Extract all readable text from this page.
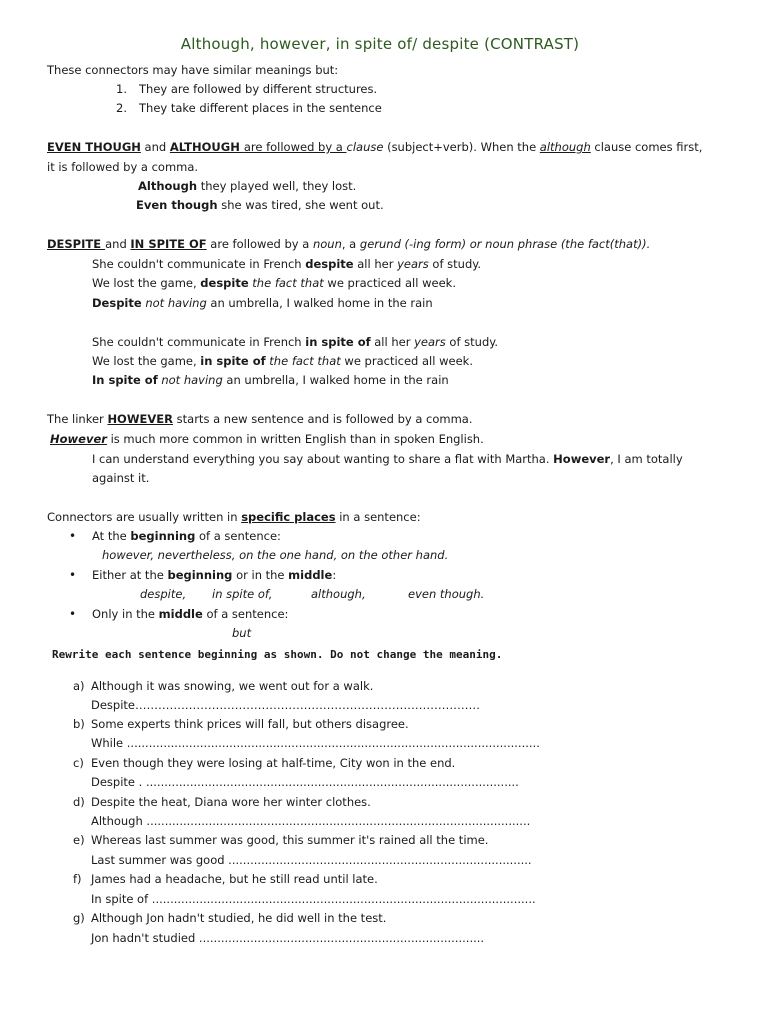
Although, however, in spite of/ despite (CONTRAST)
These connectors may have similar meanings but:
1. They are followed by different structures.
2. They take different places in the sentence
EVEN THOUGH and ALTHOUGH are followed by a clause (subject+verb). When the although clause comes first,
it is followed by a comma.
Although they played well, they lost.
Even though she was tired, she went out.
DESPITE and IN SPITE OF are followed by a noun, a gerund (-ing form) or noun phrase (the fact(that)).
She couldn't communicate in French despite all her years of study.
We lost the game, despite the fact that we practiced all week.
Despite not having an umbrella, I walked home in the rain
She couldn't communicate in French in spite of all her years of study.
We lost the game, in spite of the fact that we practiced all week.
In spite of not having an umbrella, I walked home in the rain
The linker HOWEVER starts a new sentence and is followed by a comma.
However is much more common in written English than in spoken English.
I can understand everything you say about wanting to share a flat with Martha. However, I am totally
against it.
Connectors are usually written in specific places in a sentence:
• At the beginning of a sentence:
however, nevertheless, on the one hand, on the other hand.
• Either at the beginning or in the middle:
despite, in spite of,	although,	even though.
• Only in the middle of a sentence:
but
Rewrite each sentence beginning as shown. Do not change the meaning.
a) Although it was snowing, we went out for a walk.
Despite………………………………………………………………………………
b) Some experts think prices will fall, but others disagree.
While .................................................................................................................
c) Even though they were losing at half-time, City won in the end.
Despite . ......................................................................................................
d) Despite the heat, Diana wore her winter clothes.
Although .........................................................................................................
e) Whereas last summer was good, this summer it's rained all the time.
Last summer was good ...................................................................................
f) James had a headache, but he still read until late.
In spite of .........................................................................................................
g) Although Jon hadn't studied, he did well in the test.
Jon hadn't studied ..............................................................................
